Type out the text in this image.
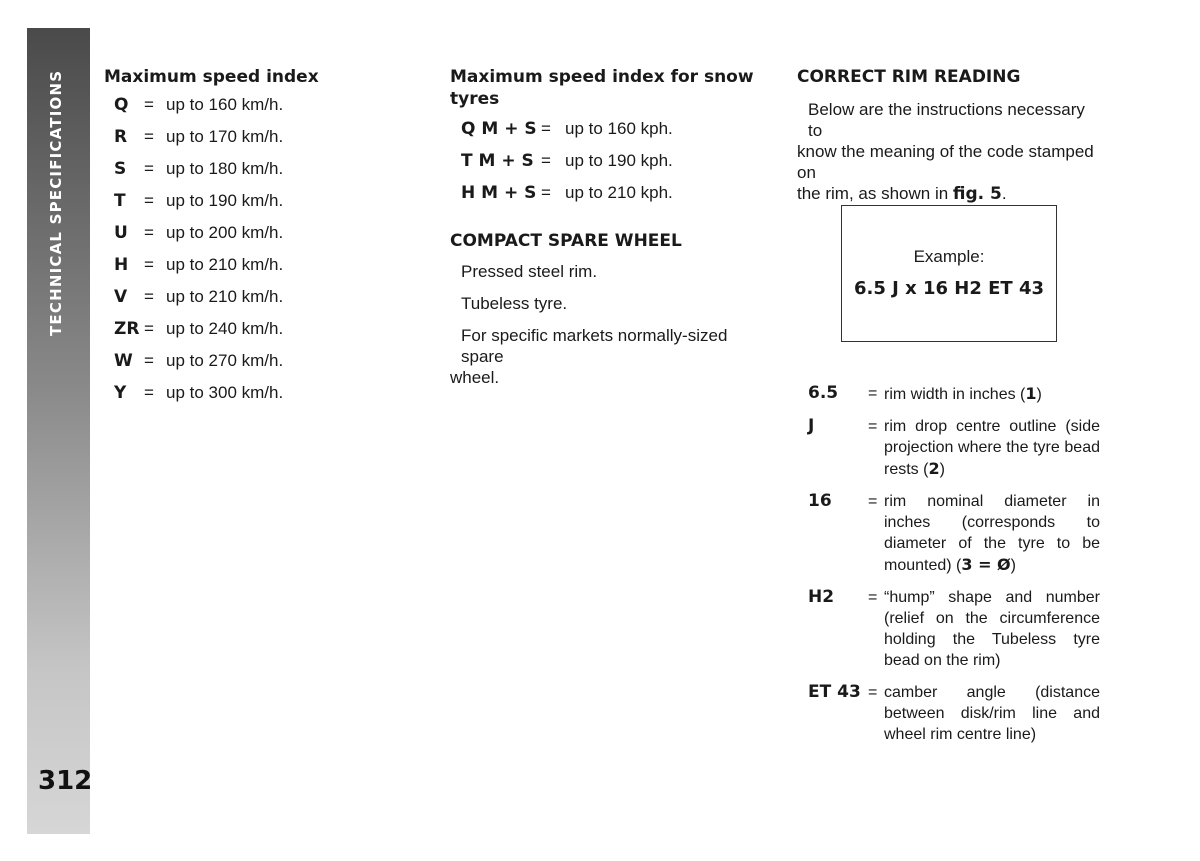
TECHNICAL SPECIFICATIONS
312
Maximum speed index
Q = up to 160 km/h.
R = up to 170 km/h.
S	= up to 180 km/h.
T	= up to 190 km/h.
U = up to 200 km/h.
H = up to 210 km/h.
V = up to 210 km/h.
ZR = up to 240 km/h.
W = up to 270 km/h.
Y	= up to 300 km/h.
Maximum speed index for snow
tyres
Q M + S = up to 160 kph.
T M + S = up to 190 kph.
H M + S = up to 210 kph.
COMPACT SPARE WHEEL

Pressed steel rim.

Tubeless tyre.

For specific markets normally-sized spare
wheel.

CORRECT RIM READING

Below are the instructions necessary to
know the meaning of the code stamped on
the rim, as shown in fig. 5.

Example:
6.5 J x 16 H2 ET 43
6.5	= rim width in inches (1)
J	= rim drop centre outline (side projection where the tyre bead rests (2)
16	= rim nominal diameter in inches (corresponds to diameter of the tyre to be mounted) (3 = Ø)
H2	= “hump” shape and number (relief on the circumference holding the Tubeless tyre bead on the rim)
ET 43 = camber angle (distance between disk/rim line and wheel rim centre line)
